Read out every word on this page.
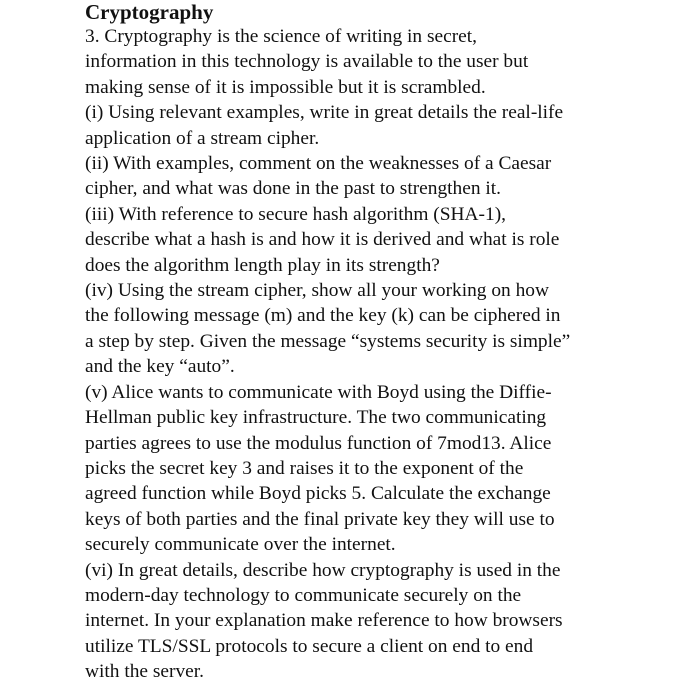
Cryptography

3. Cryptography is the science of writing in secret,

information in this technology is available to the user but

making sense of it is impossible but it is scrambled.

(i) Using relevant examples, write in great details the real-life

application of a stream cipher.

(ii) With examples, comment on the weaknesses of a Caesar

cipher, and what was done in the past to strengthen it.

(iii) With reference to secure hash algorithm (SHA-1),

describe what a hash is and how it is derived and what is role

does the algorithm length play in its strength?

(iv) Using the stream cipher, show all your working on how

the following message (m) and the key (k) can be ciphered in

a step by step. Given the message “systems security is simple”

and the key “auto”.

(v) Alice wants to communicate with Boyd using the Diffie-

Hellman public key infrastructure. The two communicating

parties agrees to use the modulus function of 7mod13. Alice

picks the secret key 3 and raises it to the exponent of the

agreed function while Boyd picks 5. Calculate the exchange

keys of both parties and the final private key they will use to

securely communicate over the internet.

(vi) In great details, describe how cryptography is used in the

modern-day technology to communicate securely on the

internet. In your explanation make reference to how browsers

utilize TLS/SSL protocols to secure a client on end to end

with the server.
